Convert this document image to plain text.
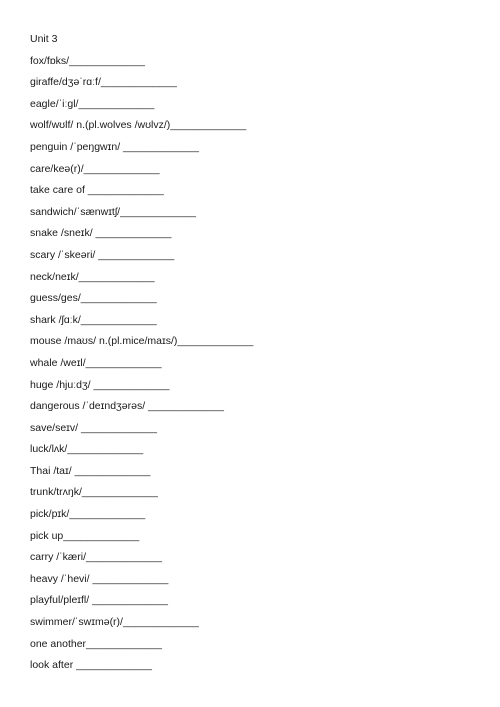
Unit 3
fox/fɒks/_____________
giraffe/dʒəˈrɑːf/_____________
eagle/ˈiːɡl/_____________
wolf/wʊlf/ n.(pl.wolves /wʊlvz/)_____________
penguin /ˈpeŋɡwɪn/ _____________
care/keə(r)/_____________
take care of _____________
sandwich/ˈsænwɪtʃ/_____________
snake /sneɪk/ _____________
scary /ˈskeəri/ _____________
neck/neɪk/_____________
guess/ges/_____________
shark /ʃɑːk/_____________
mouse /maʊs/ n.(pl.mice/maɪs/)_____________
whale /weɪl/_____________
huge /hjuːdʒ/ _____________
dangerous /ˈdeɪndʒərəs/ _____________
save/seɪv/ _____________
luck/lʌk/_____________
Thai /taɪ/ _____________
trunk/trʌŋk/_____________
pick/pɪk/_____________
pick up_____________
carry /ˈkæri/_____________
heavy /ˈhevi/ _____________
playful/pleɪfl/ _____________
swimmer/ˈswɪmə(r)/_____________
one another_____________
look after _____________
